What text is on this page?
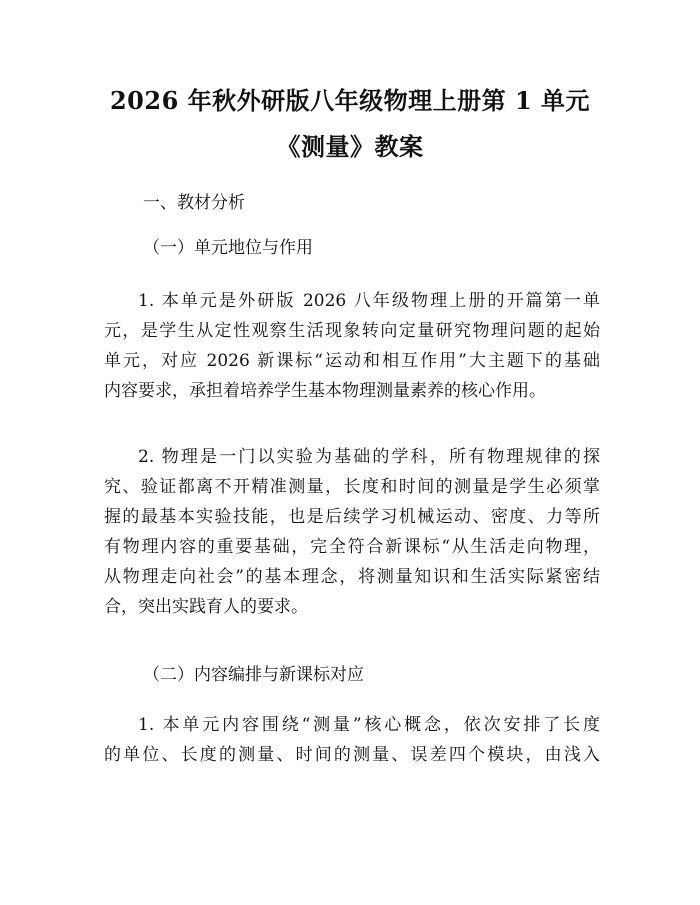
2026 年秋外研版八年级物理上册第 1 单元
《测量》教案
一、教材分析
（一）单元地位与作用
1. 本单元是外研版 2026 八年级物理上册的开篇第一单
元，是学生从定性观察生活现象转向定量研究物理问题的起始
单元，对应 2026 新课标“运动和相互作用”大主题下的基础
内容要求，承担着培养学生基本物理测量素养的核心作用。
2. 物理是一门以实验为基础的学科，所有物理规律的探
究、验证都离不开精准测量，长度和时间的测量是学生必须掌
握的最基本实验技能，也是后续学习机械运动、密度、力等所
有物理内容的重要基础，完全符合新课标“从生活走向物理，
从物理走向社会”的基本理念，将测量知识和生活实际紧密结
合，突出实践育人的要求。
（二）内容编排与新课标对应
1. 本单元内容围绕“测量”核心概念，依次安排了长度
的单位、长度的测量、时间的测量、误差四个模块，由浅入
